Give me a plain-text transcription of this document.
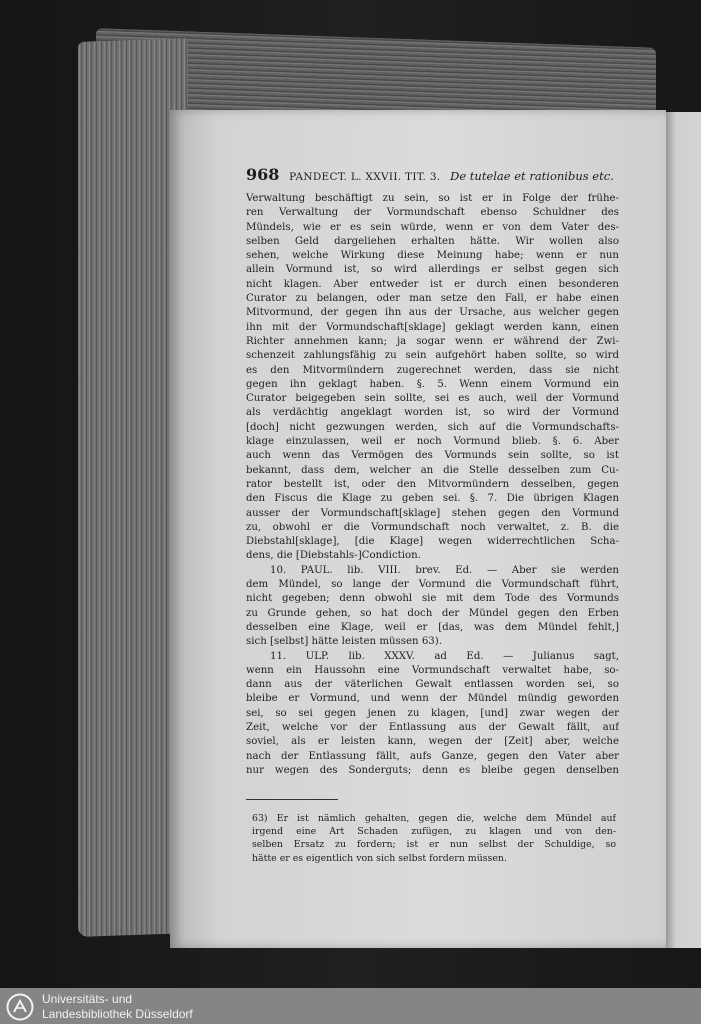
968 PANDECT. L. XXVII. TIT. 3. De tutelae et rationibus etc.
Verwaltung beschäftigt zu sein, so ist er in Folge der frühe-
ren Verwaltung der Vormundschaft ebenso Schuldner des
Mündels, wie er es sein würde, wenn er von dem Vater des-
selben Geld dargeliehen erhalten hätte. Wir wollen also
sehen, welche Wirkung diese Meinung habe; wenn er nun
allein Vormund ist, so wird allerdings er selbst gegen sich
nicht klagen. Aber entweder ist er durch einen besonderen
Curator zu belangen, oder man setze den Fall, er habe einen
Mitvormund, der gegen ihn aus der Ursache, aus welcher gegen
ihn mit der Vormundschaft[sklage] geklagt werden kann, einen
Richter annehmen kann; ja sogar wenn er während der Zwi-
schenzeit zahlungsfähig zu sein aufgehört haben sollte, so wird
es den Mitvormündern zugerechnet werden, dass sie nicht
gegen ihn geklagt haben. §. 5. Wenn einem Vormund ein
Curator beigegeben sein sollte, sei es auch, weil der Vormund
als verdächtig angeklagt worden ist, so wird der Vormund
[doch] nicht gezwungen werden, sich auf die Vormundschafts-
klage einzulassen, weil er noch Vormund blieb. §. 6. Aber
auch wenn das Vermögen des Vormunds sein sollte, so ist
bekannt, dass dem, welcher an die Stelle desselben zum Cu-
rator bestellt ist, oder den Mitvormündern desselben, gegen
den Fiscus die Klage zu geben sei. §. 7. Die übrigen Klagen
ausser der Vormundschaft[sklage] stehen gegen den Vormund
zu, obwohl er die Vormundschaft noch verwaltet, z. B. die
Diebstahl[sklage], [die Klage] wegen widerrechtlichen Scha-
dens, die [Diebstahls-]Condiction.
10. PAUL. lib. VIII. brev. Ed. — Aber sie werden
dem Mündel, so lange der Vormund die Vormundschaft führt,
nicht gegeben; denn obwohl sie mit dem Tode des Vormunds
zu Grunde gehen, so hat doch der Mündel gegen den Erben
desselben eine Klage, weil er [das, was dem Mündel fehlt,]
sich [selbst] hätte leisten müssen 63).
11. ULP. lib. XXXV. ad Ed. — Julianus sagt,
wenn ein Haussohn eine Vormundschaft verwaltet habe, so-
dann aus der väterlichen Gewalt entlassen worden sei, so
bleibe er Vormund, und wenn der Mündel mündig geworden
sei, so sei gegen jenen zu klagen, [und] zwar wegen der
Zeit, welche vor der Entlassung aus der Gewalt fällt, auf
soviel, als er leisten kann, wegen der [Zeit] aber, welche
nach der Entlassung fällt, aufs Ganze, gegen den Vater aber
nur wegen des Sonderguts; denn es bleibe gegen denselben
63) Er ist nämlich gehalten, gegen die, welche dem Mündel auf
irgend eine Art Schaden zufügen, zu klagen und von den-
selben Ersatz zu fordern; ist er nun selbst der Schuldige, so
hätte er es eigentlich von sich selbst fordern müssen.
Universitäts- und
Landesbibliothek Düsseldorf
